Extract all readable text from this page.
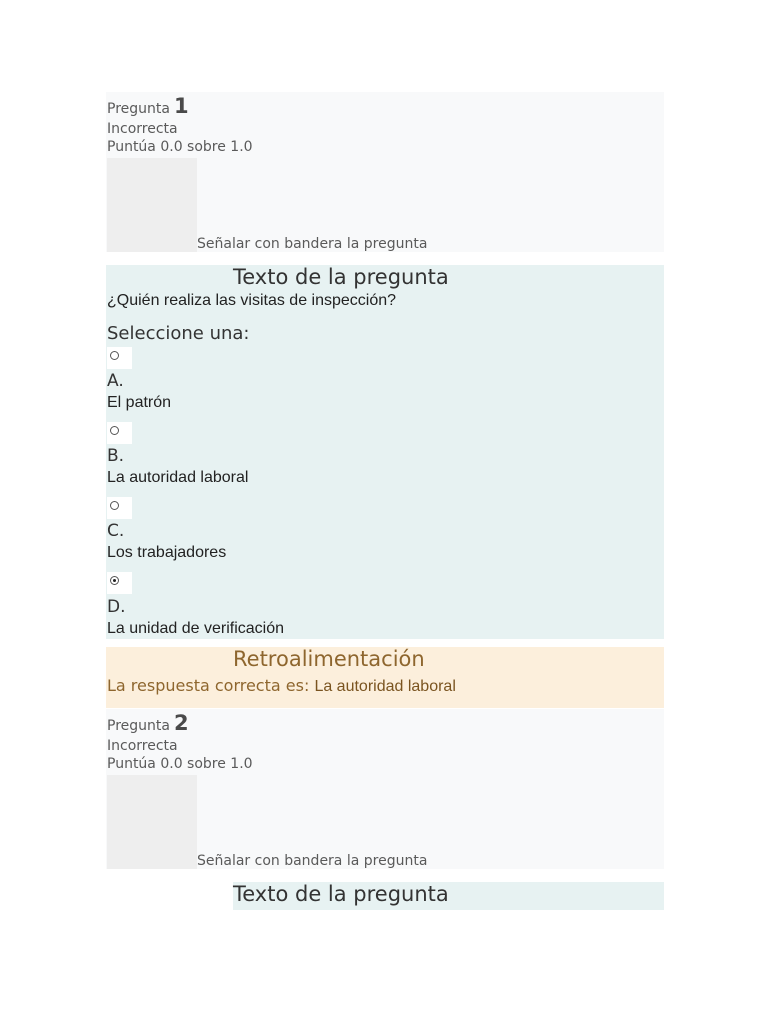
Pregunta 1
Incorrecta
Puntúa 0.0 sobre 1.0
Señalar con bandera la pregunta
Texto de la pregunta
¿Quién realiza las visitas de inspección?
Seleccione una:
A.
El patrón
B.
La autoridad laboral
C.
Los trabajadores
D.
La unidad de verificación
Retroalimentación
La respuesta correcta es: La autoridad laboral
Pregunta 2
Incorrecta
Puntúa 0.0 sobre 1.0
Señalar con bandera la pregunta
Texto de la pregunta
